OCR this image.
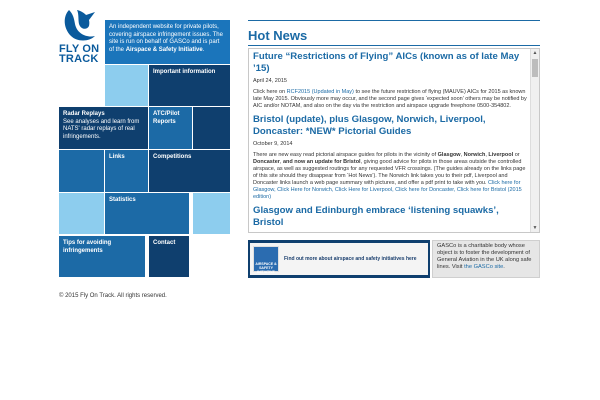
FLY ON
TRACK
An independent website for private pilots, covering airspace infringement issues. The site is run on behalf of GASCo and is part of the Airspace & Safety Initiative.
Important information
Radar Replays
See analyses and learn from NATS' radar replays of real infringements.
ATC/Pilot Reports
Links	Competitions
Statistics
Tips for avoiding infringements
Contact
© 2015 Fly On Track. All rights reserved.
Hot News
Future “Restrictions of Flying” AICs (known as of late May ’15)
April 24, 2015
Click here on RCF2015 (Updated in May) to see the future restriction of flying (MAUVE) AICs for 2015 as known late May 2015. Obviously more may occur, and the second page gives ‘expected soon’ others may be notified by AIC and/or NOTAM, and also on the day via the restriction and airspace upgrade freephone 0500-354802.
Bristol (update), plus Glasgow, Norwich, Liverpool, Doncaster: *NEW* Pictorial Guides
October 9, 2014
There are new easy read pictorial airspace guides for pilots in the vicinity of Glasgow, Norwich, Liverpool or Doncaster, and now an update for Bristol, giving good advice for pilots in those areas outside the controlled airspace, as well as suggested routings for any requested VFR crossings. (The guides already on the links page of this site should they disappear from ‘Hot News’). The Norwich link takes you to their pdf, Liverpool and Doncaster links launch a web page summary with pictures, and offer a pdf print to take with you. Click here for Glasgow, Click Here for Norwich, Click Here for Liverpool, Click here for Doncaster, Click here for Bristol (2015 edition)
Glasgow and Edinburgh embrace ‘listening squawks’, Bristol
▲
▼
AIRSPACE & SAFETY INITIATIVE
Find out more about airspace and safety initiatives here
GASCo is a charitable body whose object is to foster the development of General Aviation in the UK along safe lines. Visit the GASCo site.
